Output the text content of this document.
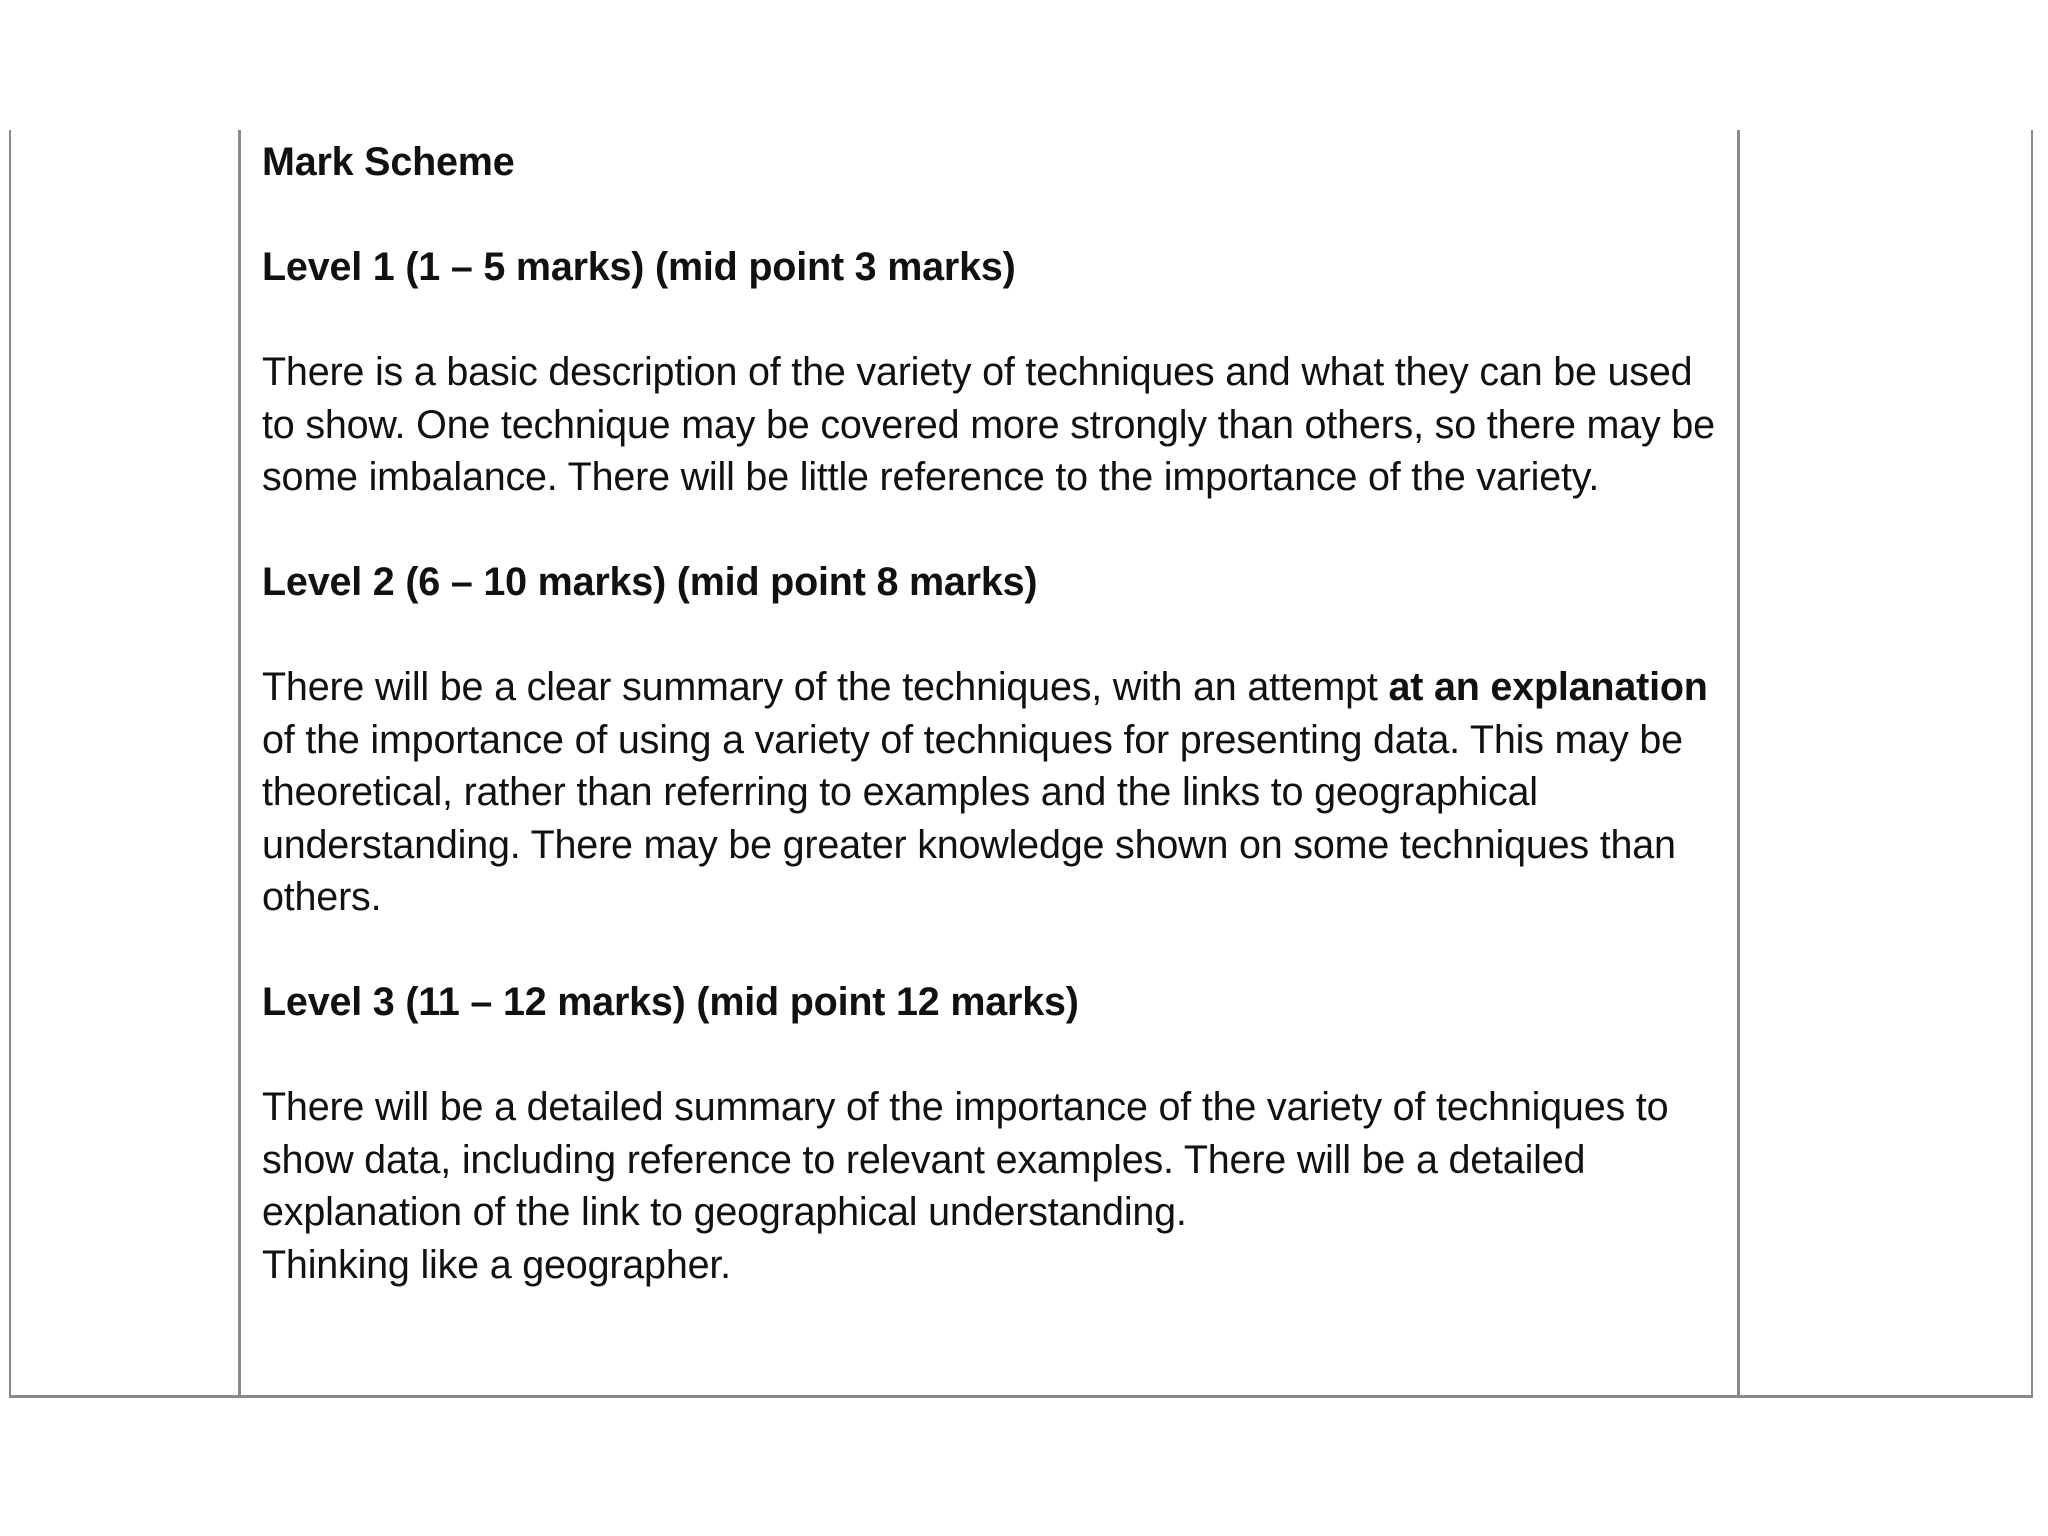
Mark Scheme

Level 1 (1 – 5 marks) (mid point 3 marks)

There is a basic description of the variety of techniques and what they can be used to show. One technique may be covered more strongly than others, so there may be some imbalance. There will be little reference to the importance of the variety.

Level 2 (6 – 10 marks) (mid point 8 marks)

There will be a clear summary of the techniques, with an attempt at an explanation of the importance of using a variety of techniques for presenting data. This may be theoretical, rather than referring to examples and the links to geographical understanding. There may be greater knowledge shown on some techniques than others.

Level 3 (11 – 12 marks) (mid point 12 marks)

There will be a detailed summary of the importance of the variety of techniques to show data, including reference to relevant examples. There will be a detailed explanation of the link to geographical understanding.

Thinking like a geographer.
